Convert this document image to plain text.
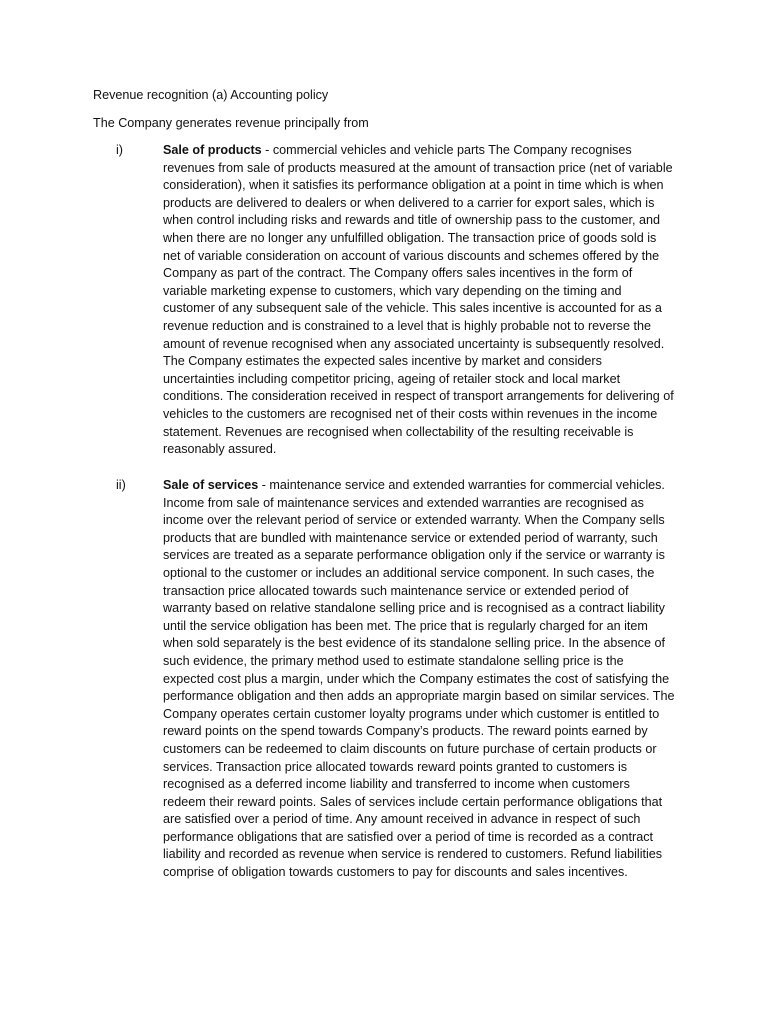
Revenue recognition (a) Accounting policy
The Company generates revenue principally from
i)	Sale of products - commercial vehicles and vehicle parts The Company recognises revenues from sale of products measured at the amount of transaction price (net of variable consideration), when it satisfies its performance obligation at a point in time which is when products are delivered to dealers or when delivered to a carrier for export sales, which is when control including risks and rewards and title of ownership pass to the customer, and when there are no longer any unfulfilled obligation. The transaction price of goods sold is net of variable consideration on account of various discounts and schemes offered by the Company as part of the contract. The Company offers sales incentives in the form of variable marketing expense to customers, which vary depending on the timing and customer of any subsequent sale of the vehicle. This sales incentive is accounted for as a revenue reduction and is constrained to a level that is highly probable not to reverse the amount of revenue recognised when any associated uncertainty is subsequently resolved. The Company estimates the expected sales incentive by market and considers uncertainties including competitor pricing, ageing of retailer stock and local market conditions. The consideration received in respect of transport arrangements for delivering of vehicles to the customers are recognised net of their costs within revenues in the income statement. Revenues are recognised when collectability of the resulting receivable is reasonably assured.
ii)	Sale of services - maintenance service and extended warranties for commercial vehicles. Income from sale of maintenance services and extended warranties are recognised as income over the relevant period of service or extended warranty. When the Company sells products that are bundled with maintenance service or extended period of warranty, such services are treated as a separate performance obligation only if the service or warranty is optional to the customer or includes an additional service component. In such cases, the transaction price allocated towards such maintenance service or extended period of warranty based on relative standalone selling price and is recognised as a contract liability until the service obligation has been met. The price that is regularly charged for an item when sold separately is the best evidence of its standalone selling price. In the absence of such evidence, the primary method used to estimate standalone selling price is the expected cost plus a margin, under which the Company estimates the cost of satisfying the performance obligation and then adds an appropriate margin based on similar services. The Company operates certain customer loyalty programs under which customer is entitled to reward points on the spend towards Company’s products. The reward points earned by customers can be redeemed to claim discounts on future purchase of certain products or services. Transaction price allocated towards reward points granted to customers is recognised as a deferred income liability and transferred to income when customers redeem their reward points. Sales of services include certain performance obligations that are satisfied over a period of time. Any amount received in advance in respect of such performance obligations that are satisfied over a period of time is recorded as a contract liability and recorded as revenue when service is rendered to customers. Refund liabilities comprise of obligation towards customers to pay for discounts and sales incentives.
